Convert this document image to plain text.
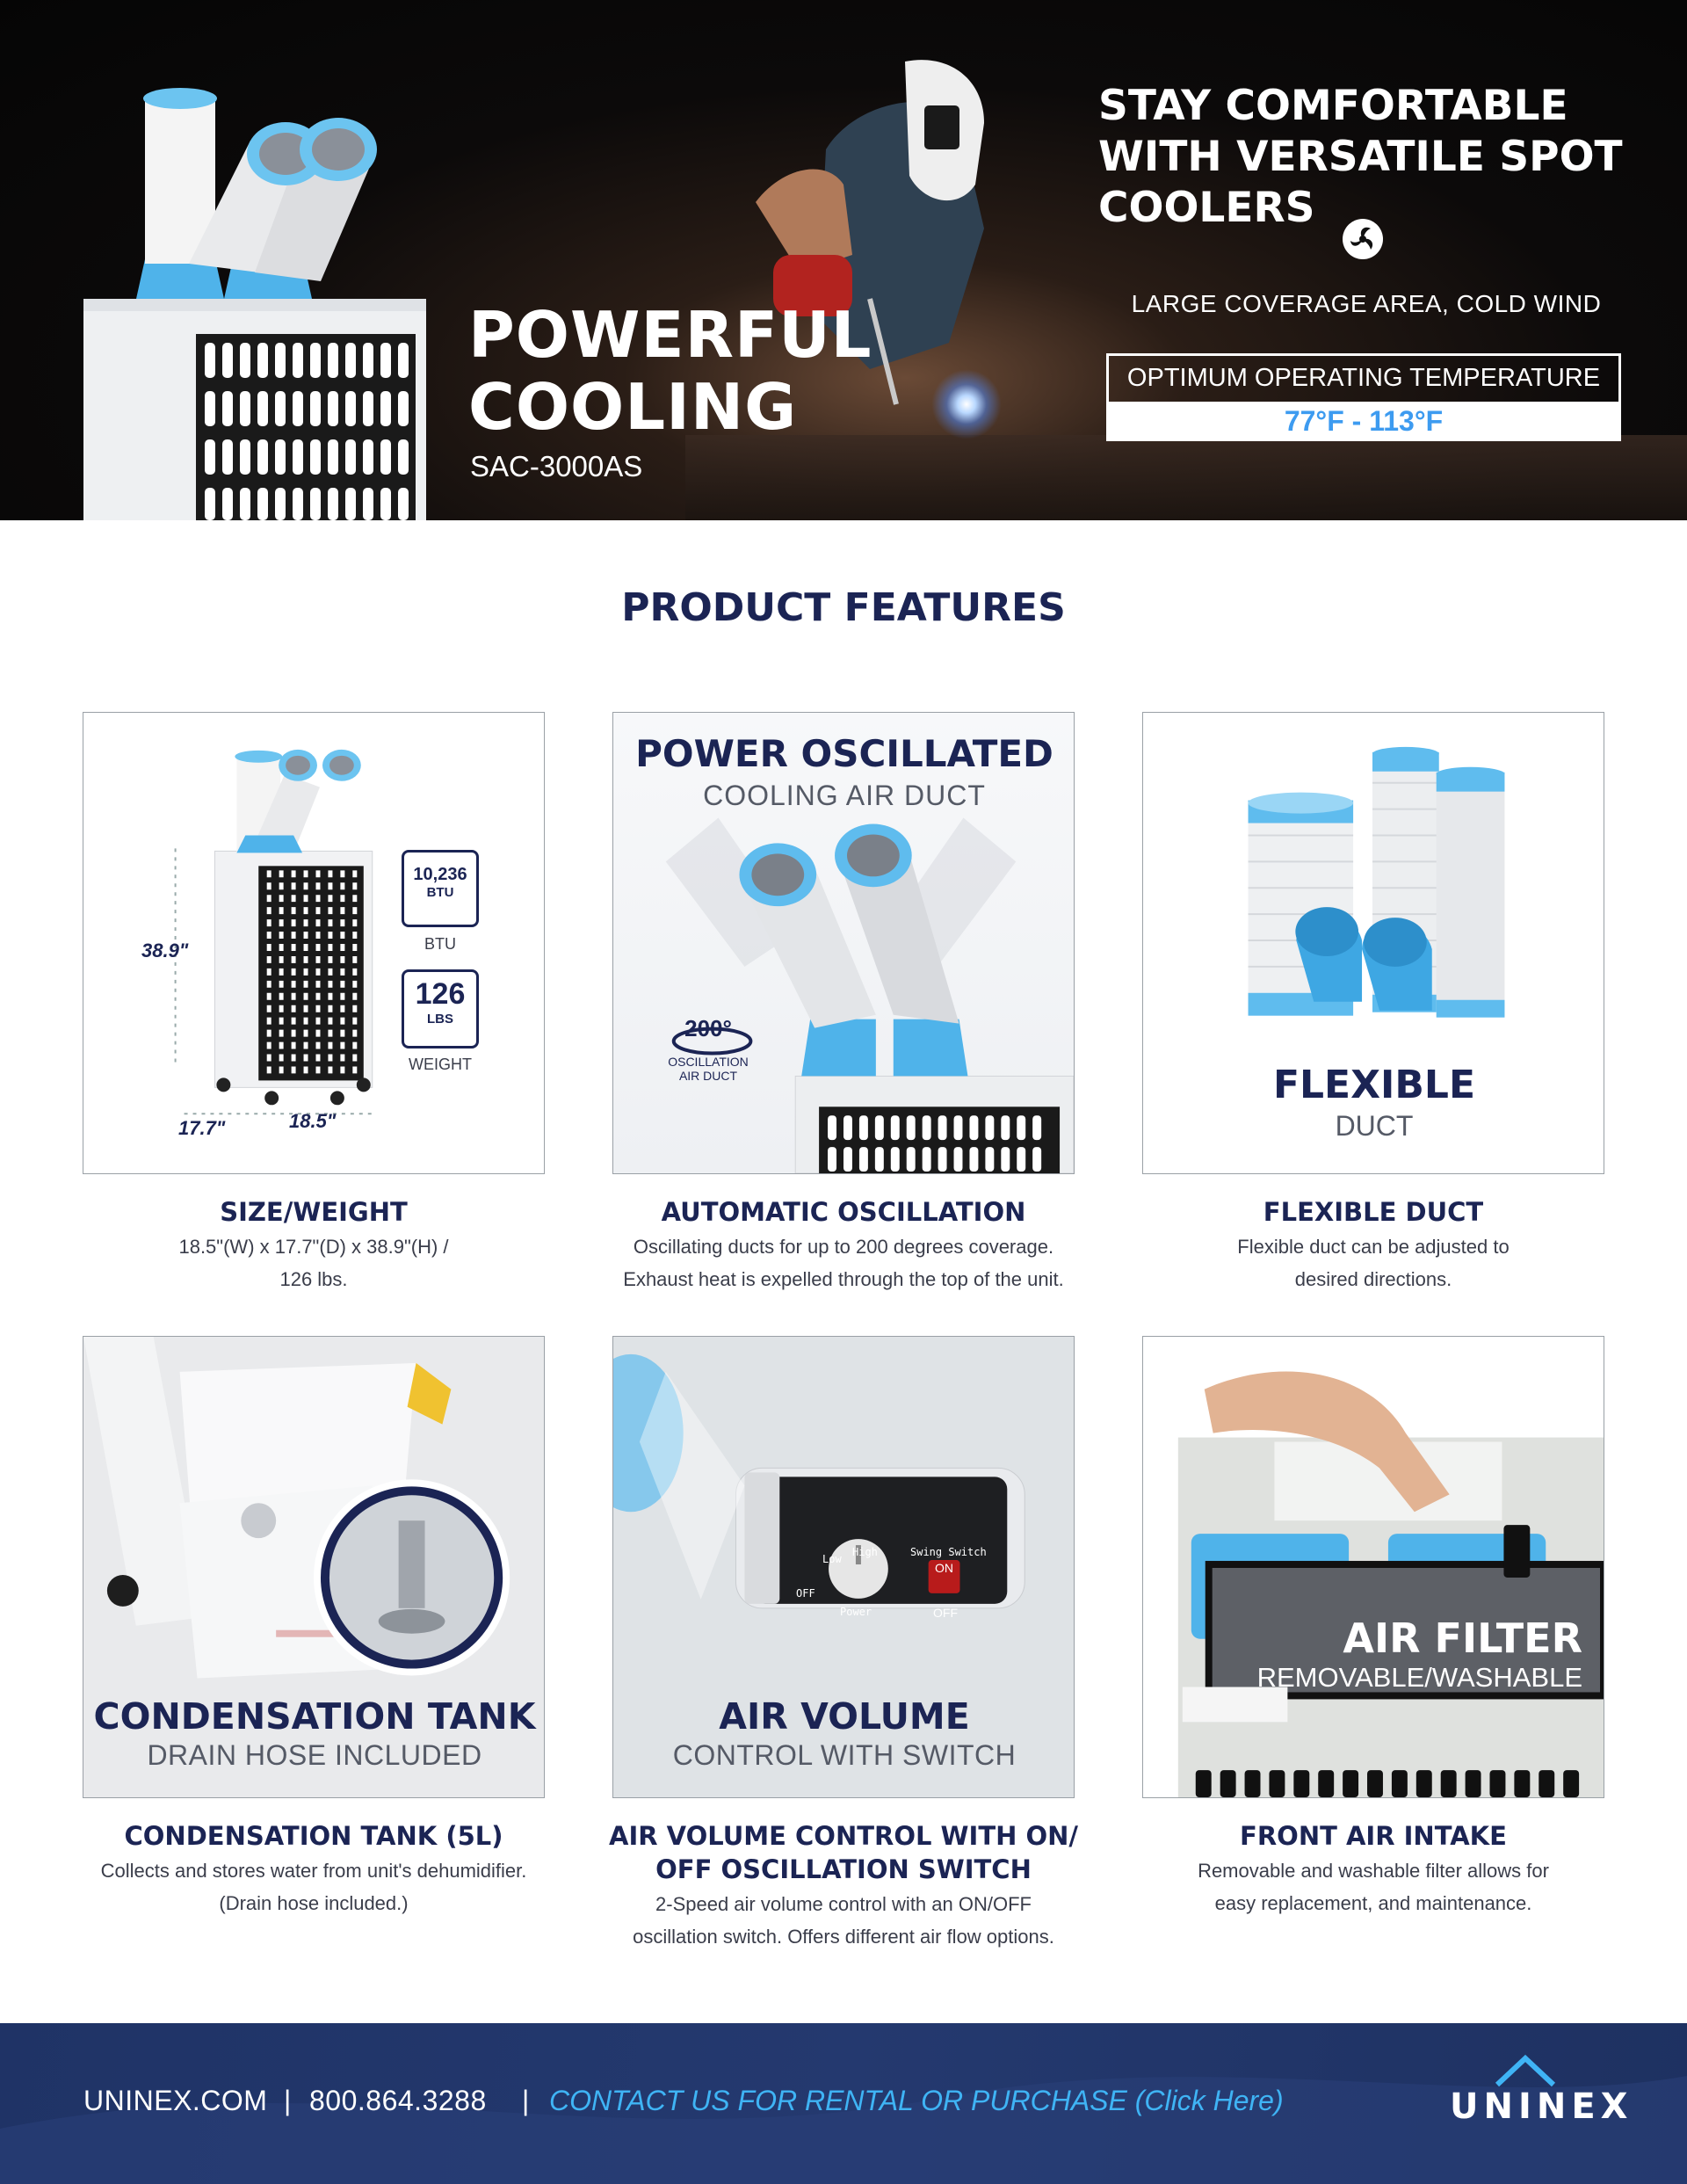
POWERFUL
COOLING
SAC-3000AS
STAY COMFORTABLE WITH VERSATILE SPOT COOLERS
LARGE COVERAGE AREA, COLD WIND
OPTIMUM OPERATING TEMPERATURE
77°F - 113°F
PRODUCT FEATURES
38.9"
17.7"	18.5"
10,236
BTU
BTU
126
LBS
WEIGHT
SIZE/WEIGHT
18.5"(W) x 17.7"(D) x 38.9"(H) /
126 lbs.
POWER OSCILLATED
COOLING AIR DUCT
200°
OSCILLATION
AIR DUCT
AUTOMATIC OSCILLATION
Oscillating ducts for up to 200 degrees coverage.
Exhaust heat is expelled through the top of the unit.
FLEXIBLE
DUCT
FLEXIBLE DUCT
Flexible duct can be adjusted to
desired directions.
CONDENSATION TANK
DRAIN HOSE INCLUDED
CONDENSATION TANK (5L)
Collects and stores water from unit's dehumidifier.
(Drain hose included.)
Low
High
OFF
Power
Swing Switch
ON
OFF
AIR VOLUME
CONTROL WITH SWITCH
AIR VOLUME CONTROL WITH ON/
OFF OSCILLATION SWITCH
2-Speed air volume control with an ON/OFF
oscillation switch. Offers different air flow options.
AIR FILTER
REMOVABLE/WASHABLE
FRONT AIR INTAKE
Removable and washable filter allows for
easy replacement, and maintenance.
UNINEX.COM | 800.864.3288 | CONTACT US FOR RENTAL OR PURCHASE (Click Here)	UNINEX
